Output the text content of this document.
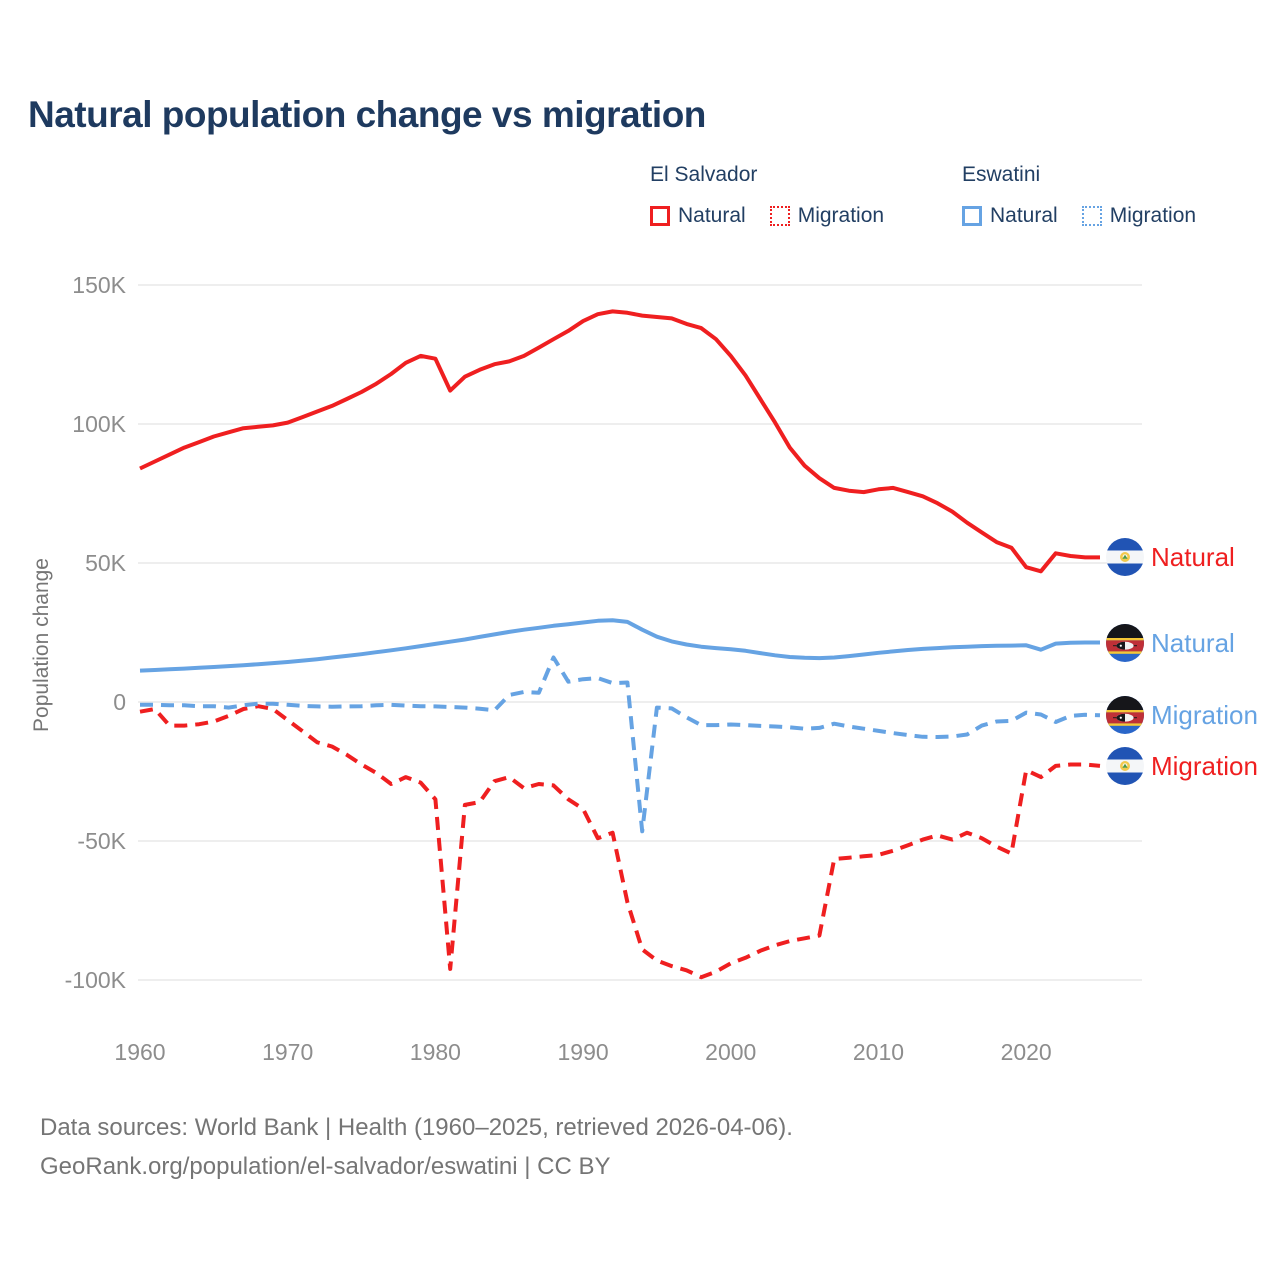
Natural population change vs migration
El Salvador
Natural Migration
Eswatini
Natural Migration
Population change
150K
100K
50K
0
-50K
-100K
1960	1970	1980	1990	2000	2010	2020
Natural
Natural
Migration
Migration
Data sources: World Bank | Health (1960–2025, retrieved 2026-04-06).
GeoRank.org/population/el-salvador/eswatini | CC BY
